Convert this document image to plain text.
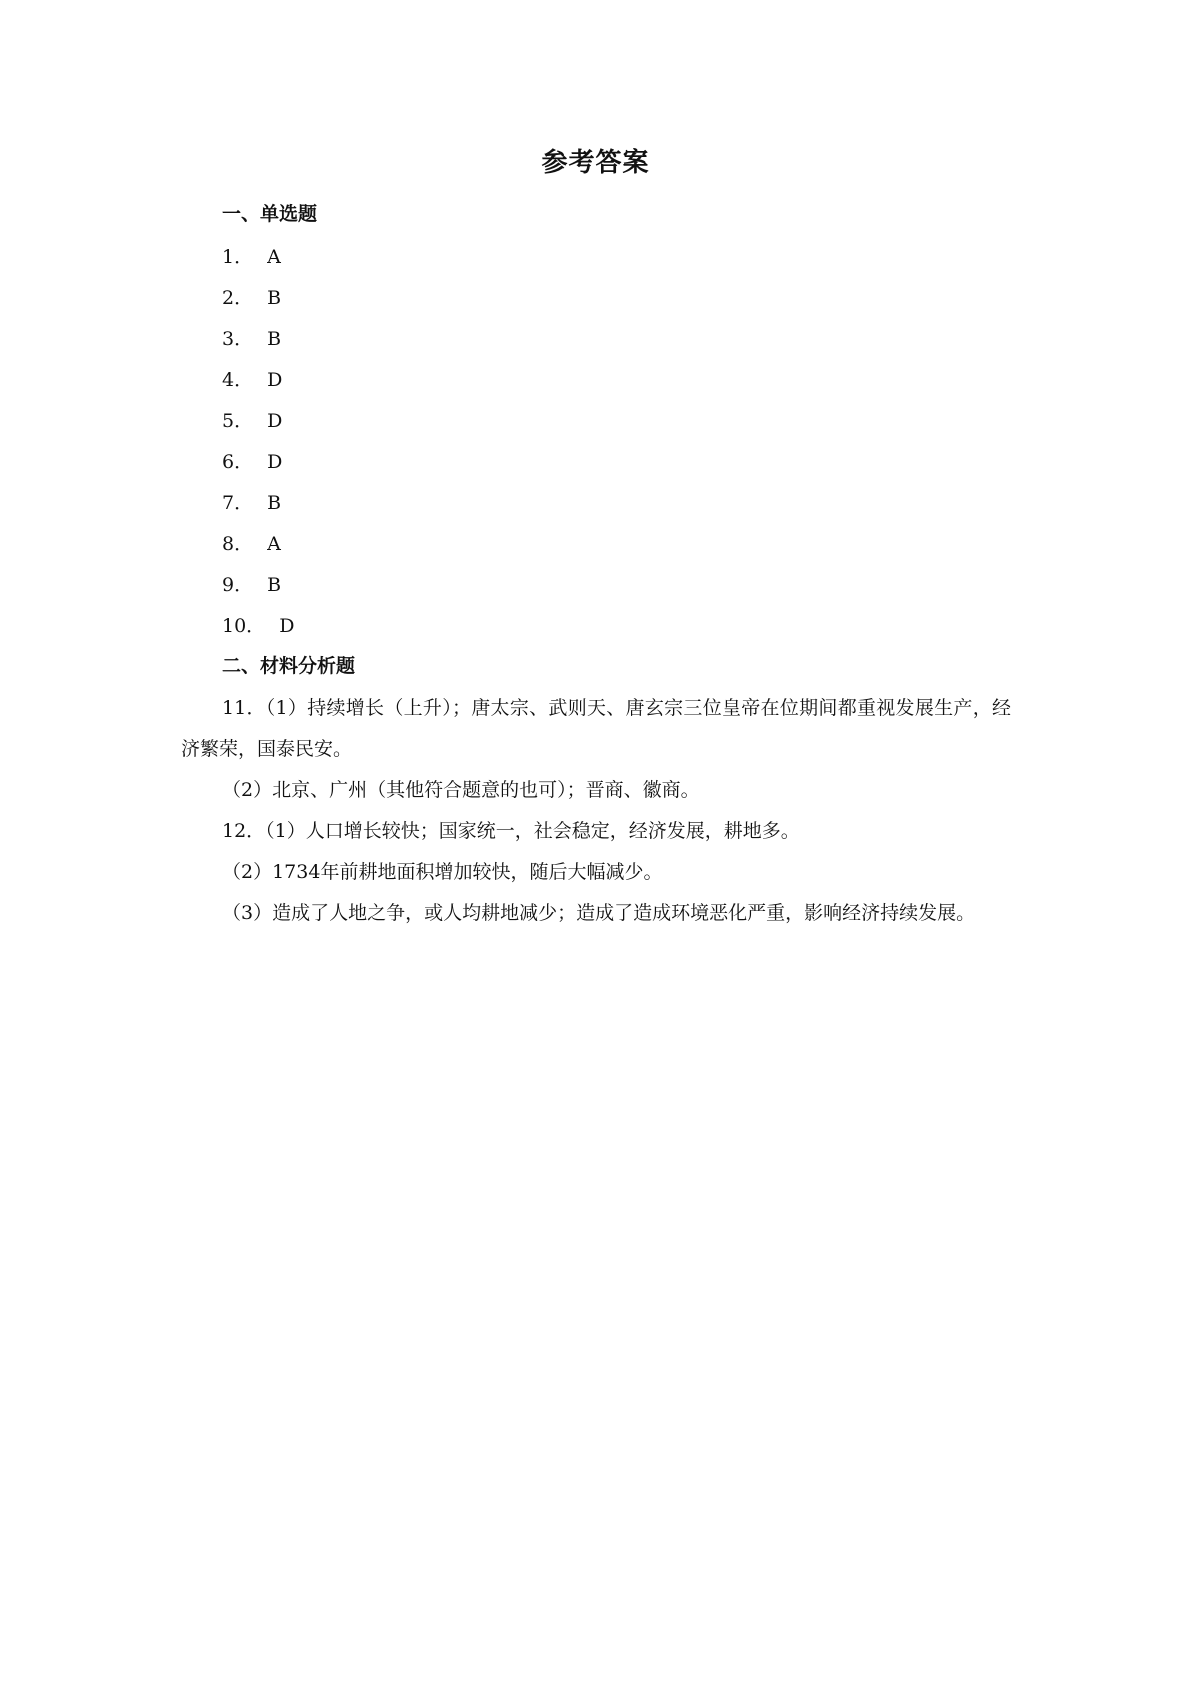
参考答案
一、单选题
1． A
2． B
3． B
4． D
5． D
6． D
7． B
8． A
9． B
10． D
二、材料分析题

11．（1）持续增长（上升）；唐太宗、武则天、唐玄宗三位皇帝在位期间都重视发展生产，经济繁荣，国泰民安。

（2）北京、广州（其他符合题意的也可）；晋商、徽商。

12．（1）人口增长较快；国家统一，社会稳定，经济发展，耕地多。

（2）1734年前耕地面积增加较快，随后大幅减少。

（3）造成了人地之争，或人均耕地减少；造成了造成环境恶化严重，影响经济持续发展。
